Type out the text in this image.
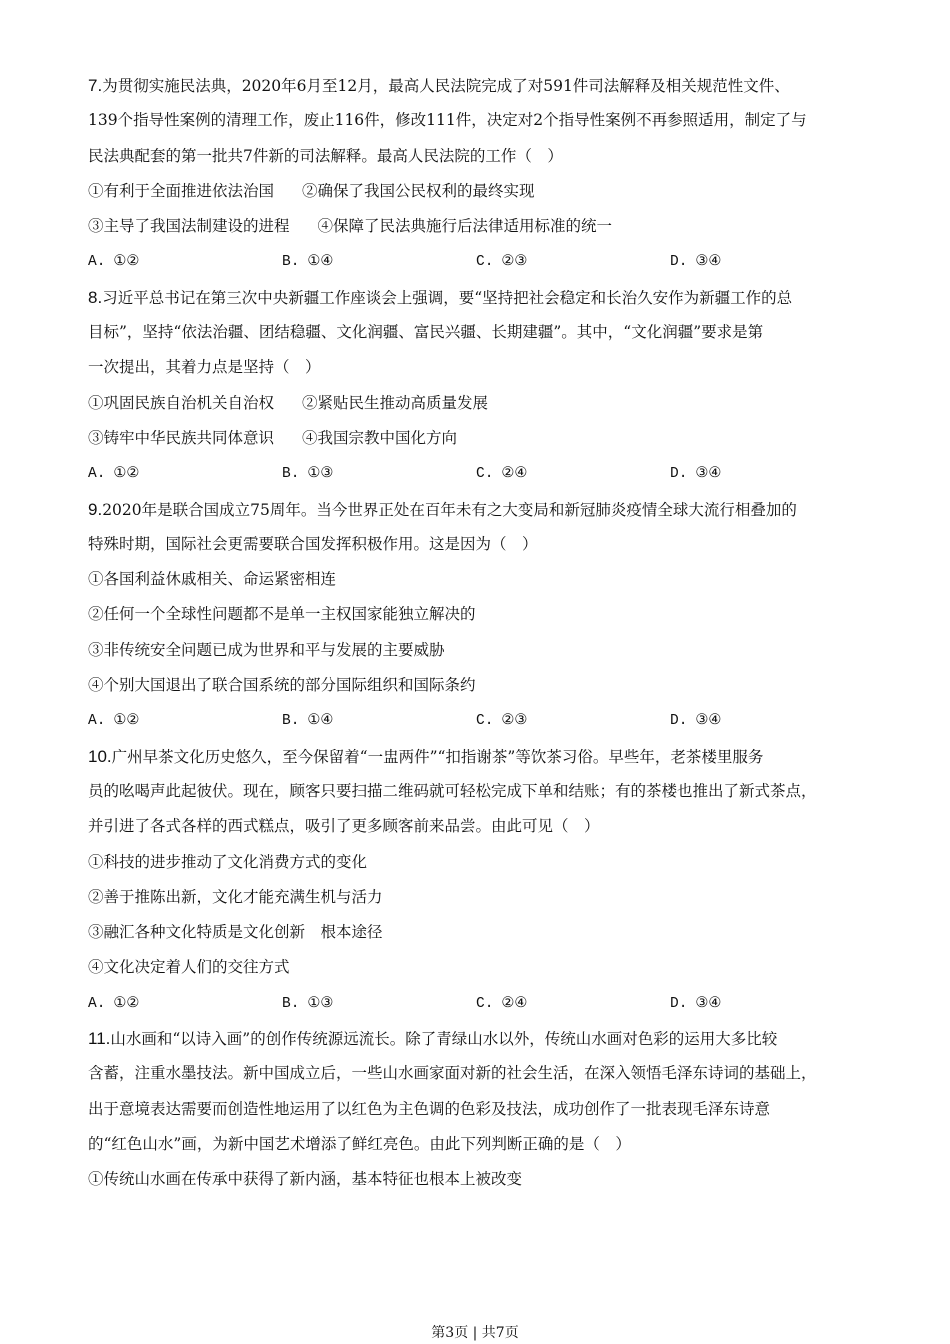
7.为贯彻实施民法典，2020年6月至12月，最高人民法院完成了对591件司法解释及相关规范性文件、
139个指导性案例的清理工作，废止116件，修改111件，决定对2个指导性案例不再参照适用，制定了与
民法典配套的第一批共7件新的司法解释。最高人民法院的工作（　）
①有利于全面推进依法治国 ②确保了我国公民权利的最终实现
③主导了我国法制建设的进程 ④保障了民法典施行后法律适用标准的统一
A. ①②	B. ①④	C. ②③	D. ③④
8.习近平总书记在第三次中央新疆工作座谈会上强调，要“坚持把社会稳定和长治久安作为新疆工作的总
目标”，坚持“依法治疆、团结稳疆、文化润疆、富民兴疆、长期建疆”。其中，“文化润疆”要求是第
一次提出，其着力点是坚持（　）
①巩固民族自治机关自治权 ②紧贴民生推动高质量发展
③铸牢中华民族共同体意识 ④我国宗教中国化方向
A. ①②	B. ①③	C. ②④	D. ③④
9.2020年是联合国成立75周年。当今世界正处在百年未有之大变局和新冠肺炎疫情全球大流行相叠加的
特殊时期，国际社会更需要联合国发挥积极作用。这是因为（　）
①各国利益休戚相关、命运紧密相连
②任何一个全球性问题都不是单一主权国家能独立解决的
③非传统安全问题已成为世界和平与发展的主要威胁
④个别大国退出了联合国系统的部分国际组织和国际条约
A. ①②	B. ①④	C. ②③	D. ③④
10.广州早茶文化历史悠久，至今保留着“一盅两件”“扣指谢茶”等饮茶习俗。早些年，老茶楼里服务
员的吆喝声此起彼伏。现在，顾客只要扫描二维码就可轻松完成下单和结账；有的茶楼也推出了新式茶点，
并引进了各式各样的西式糕点，吸引了更多顾客前来品尝。由此可见（　）
①科技的进步推动了文化消费方式的变化
②善于推陈出新，文化才能充满生机与活力
③融汇各种文化特质是文化创新　根本途径
④文化决定着人们的交往方式
A. ①②	B. ①③	C. ②④	D. ③④
11.山水画和“以诗入画”的创作传统源远流长。除了青绿山水以外，传统山水画对色彩的运用大多比较
含蓄，注重水墨技法。新中国成立后，一些山水画家面对新的社会生活，在深入领悟毛泽东诗词的基础上，
出于意境表达需要而创造性地运用了以红色为主色调的色彩及技法，成功创作了一批表现毛泽东诗意
的“红色山水”画，为新中国艺术增添了鲜红亮色。由此下列判断正确的是（　）
①传统山水画在传承中获得了新内涵，基本特征也根本上被改变
第3页 | 共7页
